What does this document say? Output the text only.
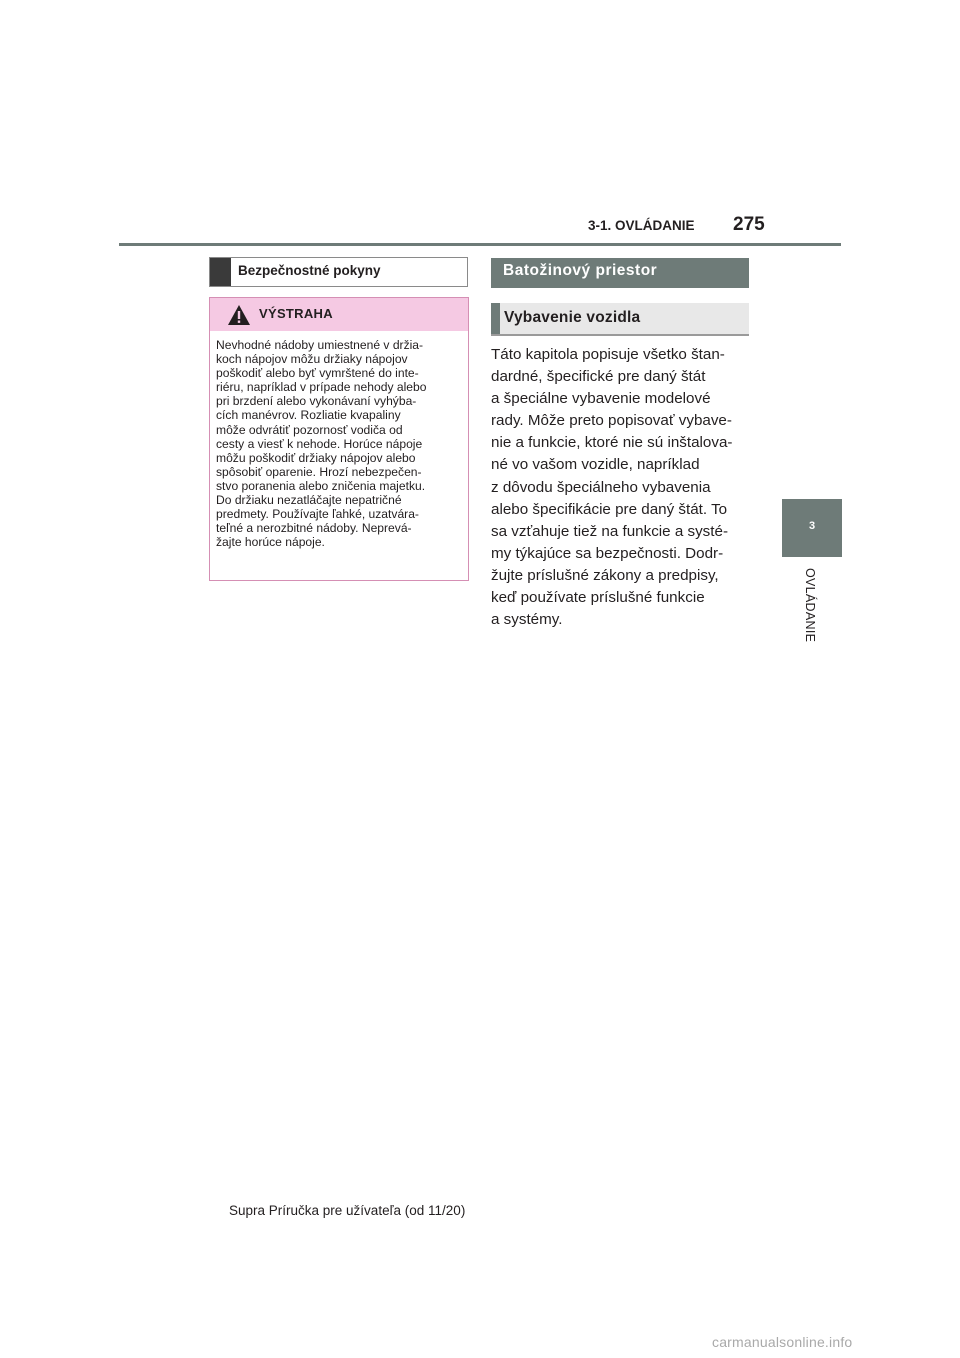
3-1. OVLÁDANIE 275
3
OVLÁDANIE
Bezpečnostné pokyny
VÝSTRAHA
Nevhodné nádoby umiestnené v držia-
koch nápojov môžu držiaky nápojov
poškodiť alebo byť vymrštené do inte-
riéru, napríklad v prípade nehody alebo
pri brzdení alebo vykonávaní vyhýba-
cích manévrov. Rozliatie kvapaliny
môže odvrátiť pozornosť vodiča od
cesty a viesť k nehode. Horúce nápoje
môžu poškodiť držiaky nápojov alebo
spôsobiť oparenie. Hrozí nebezpečen-
stvo poranenia alebo zničenia majetku.
Do držiaku nezatláčajte nepatričné
predmety. Používajte ľahké, uzatvára-
teľné a nerozbitné nádoby. Neprevá-
žajte horúce nápoje.
Batožinový priestor
Vybavenie vozidla
Táto kapitola popisuje všetko štan-
dardné, špecifické pre daný štát
a špeciálne vybavenie modelové
rady. Môže preto popisovať vybave-
nie a funkcie, ktoré nie sú inštalova-
né vo vašom vozidle, napríklad
z dôvodu špeciálneho vybavenia
alebo špecifikácie pre daný štát. To
sa vzťahuje tiež na funkcie a systé-
my týkajúce sa bezpečnosti. Dodr-
žujte príslušné zákony a predpisy,
keď používate príslušné funkcie
a systémy.
Supra Príručka pre užívateľa (od 11/20)
carmanualsonline.info
